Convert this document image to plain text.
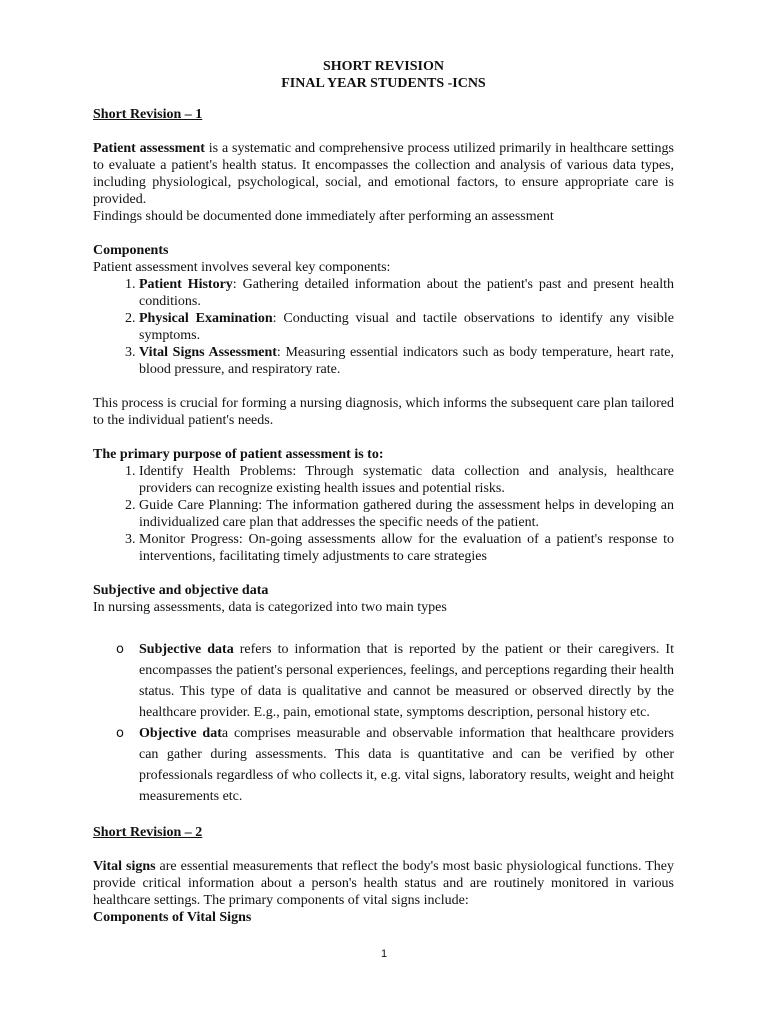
SHORT REVISION

FINAL YEAR STUDENTS -ICNS

Short Revision – 1

Patient assessment is a systematic and comprehensive process utilized primarily in healthcare settings to evaluate a patient's health status. It encompasses the collection and analysis of various data types, including physiological, psychological, social, and emotional factors, to ensure appropriate care is provided.

Findings should be documented done immediately after performing an assessment

Components

Patient assessment involves several key components:

1. Patient History: Gathering detailed information about the patient's past and present health conditions.
2. Physical Examination: Conducting visual and tactile observations to identify any visible symptoms.
3. Vital Signs Assessment: Measuring essential indicators such as body temperature, heart rate, blood pressure, and respiratory rate.

This process is crucial for forming a nursing diagnosis, which informs the subsequent care plan tailored to the individual patient's needs.

The primary purpose of patient assessment is to:

1. Identify Health Problems: Through systematic data collection and analysis, healthcare providers can recognize existing health issues and potential risks.
2. Guide Care Planning: The information gathered during the assessment helps in developing an individualized care plan that addresses the specific needs of the patient.
3. Monitor Progress: On-going assessments allow for the evaluation of a patient's response to interventions, facilitating timely adjustments to care strategies

Subjective and objective data

In nursing assessments, data is categorized into two main types

o Subjective data refers to information that is reported by the patient or their caregivers. It encompasses the patient's personal experiences, feelings, and perceptions regarding their health status. This type of data is qualitative and cannot be measured or observed directly by the healthcare provider. E.g., pain, emotional state, symptoms description, personal history etc.
o Objective data comprises measurable and observable information that healthcare providers can gather during assessments. This data is quantitative and can be verified by other professionals regardless of who collects it, e.g. vital signs, laboratory results, weight and height measurements etc.

Short Revision – 2

Vital signs are essential measurements that reflect the body's most basic physiological functions. They provide critical information about a person's health status and are routinely monitored in various healthcare settings. The primary components of vital signs include:

Components of Vital Signs

1
